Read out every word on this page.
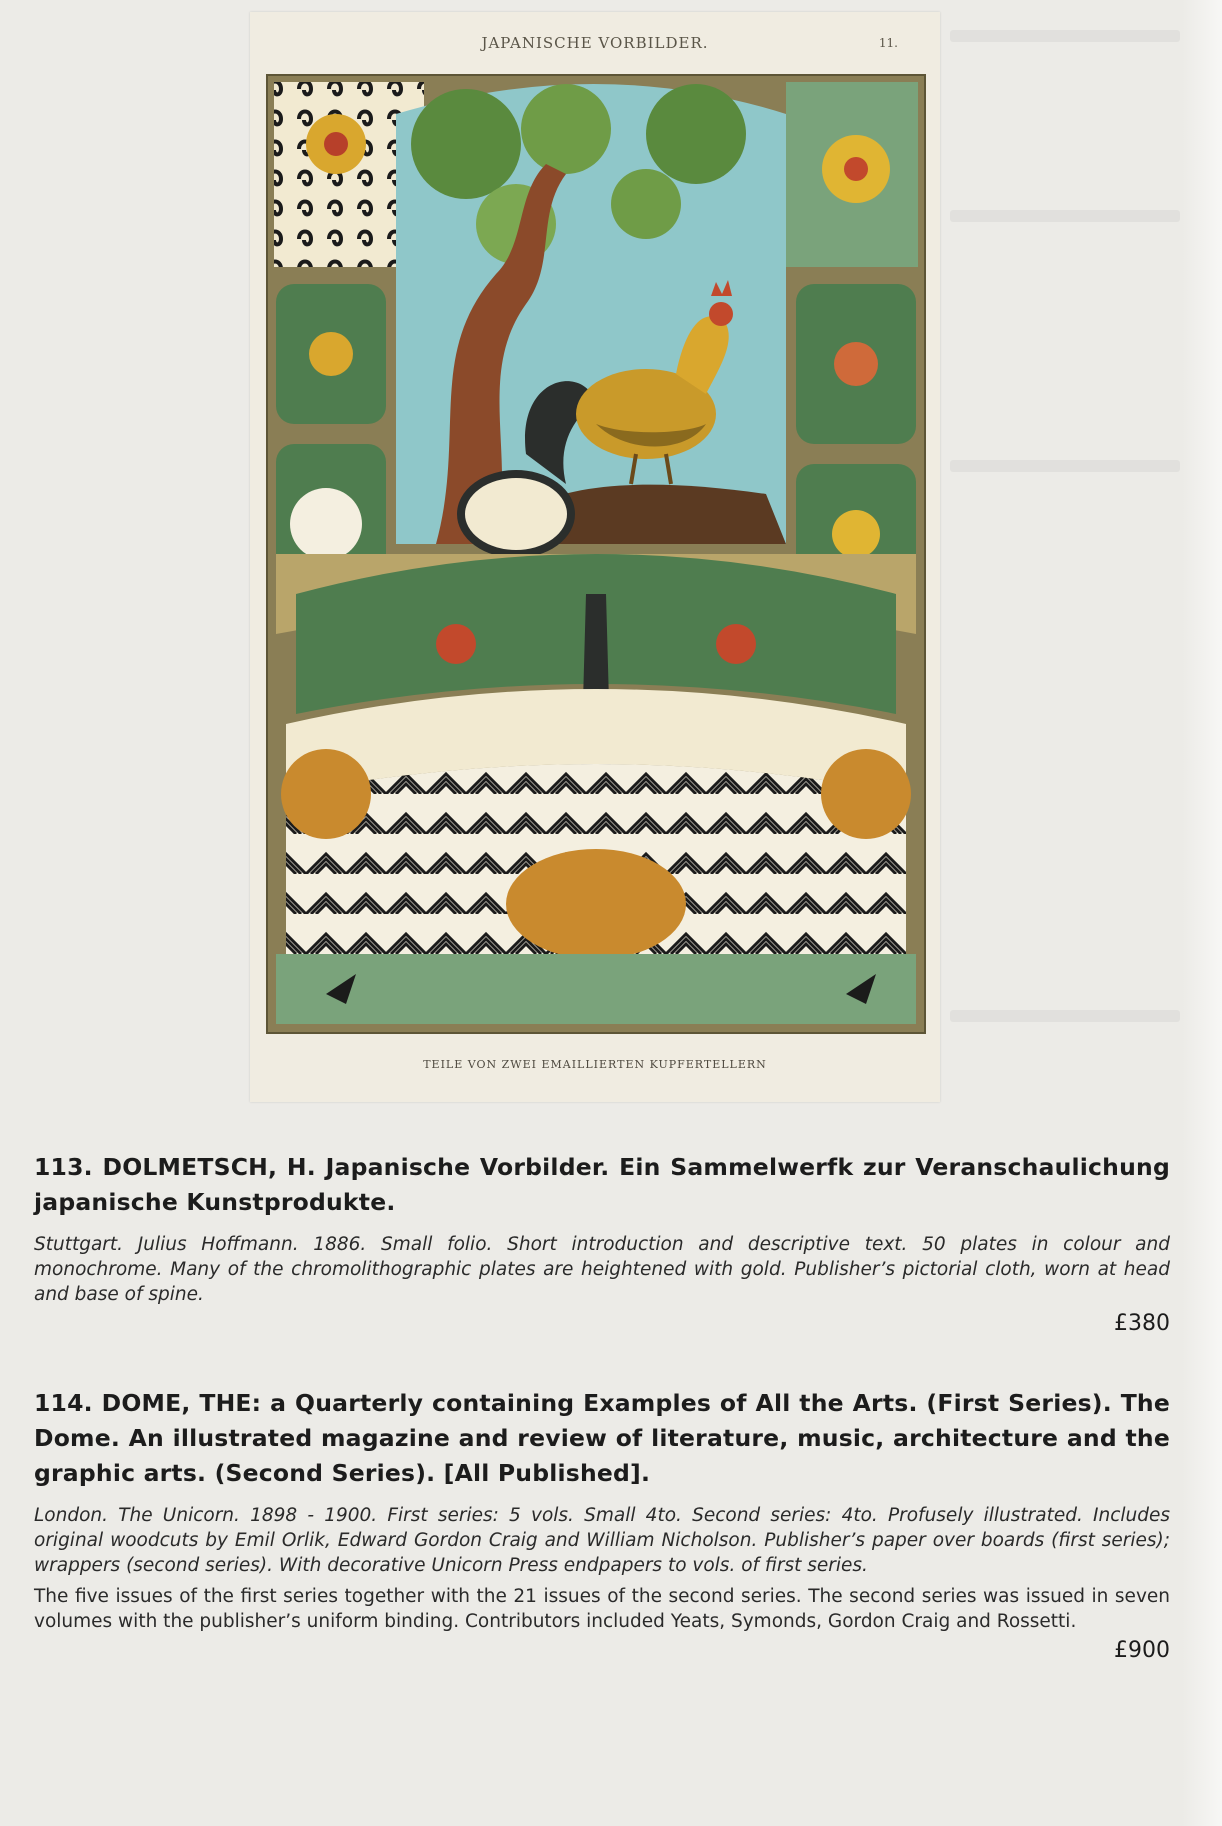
JAPANISCHE VORBILDER.	11.
TEILE VON ZWEI EMAILLIERTEN KUPFERTELLERN

113. DOLMETSCH, H. Japanische Vorbilder. Ein Sammelwerfk zur Veranschaulichung japanische Kunstprodukte.

Stuttgart. Julius Hoffmann. 1886. Small folio. Short introduction and descriptive text. 50 plates in colour and monochrome. Many of the chromolithographic plates are heightened with gold. Publisher’s pictorial cloth, worn at head and base of spine.

£380

114. DOME, THE: a Quarterly containing Examples of All the Arts. (First Series). The Dome. An illustrated magazine and review of literature, music, architecture and the graphic arts. (Second Series). [All Published].

London. The Unicorn. 1898 - 1900. First series: 5 vols. Small 4to. Second series: 4to. Profusely illustrated. Includes original woodcuts by Emil Orlik, Edward Gordon Craig and William Nicholson. Publisher’s paper over boards (first series); wrappers (second series). With decorative Unicorn Press endpapers to vols. of first series.

The five issues of the first series together with the 21 issues of the second series. The second series was issued in seven volumes with the publisher’s uniform binding. Contributors included Yeats, Symonds, Gordon Craig and Rossetti.

£900
